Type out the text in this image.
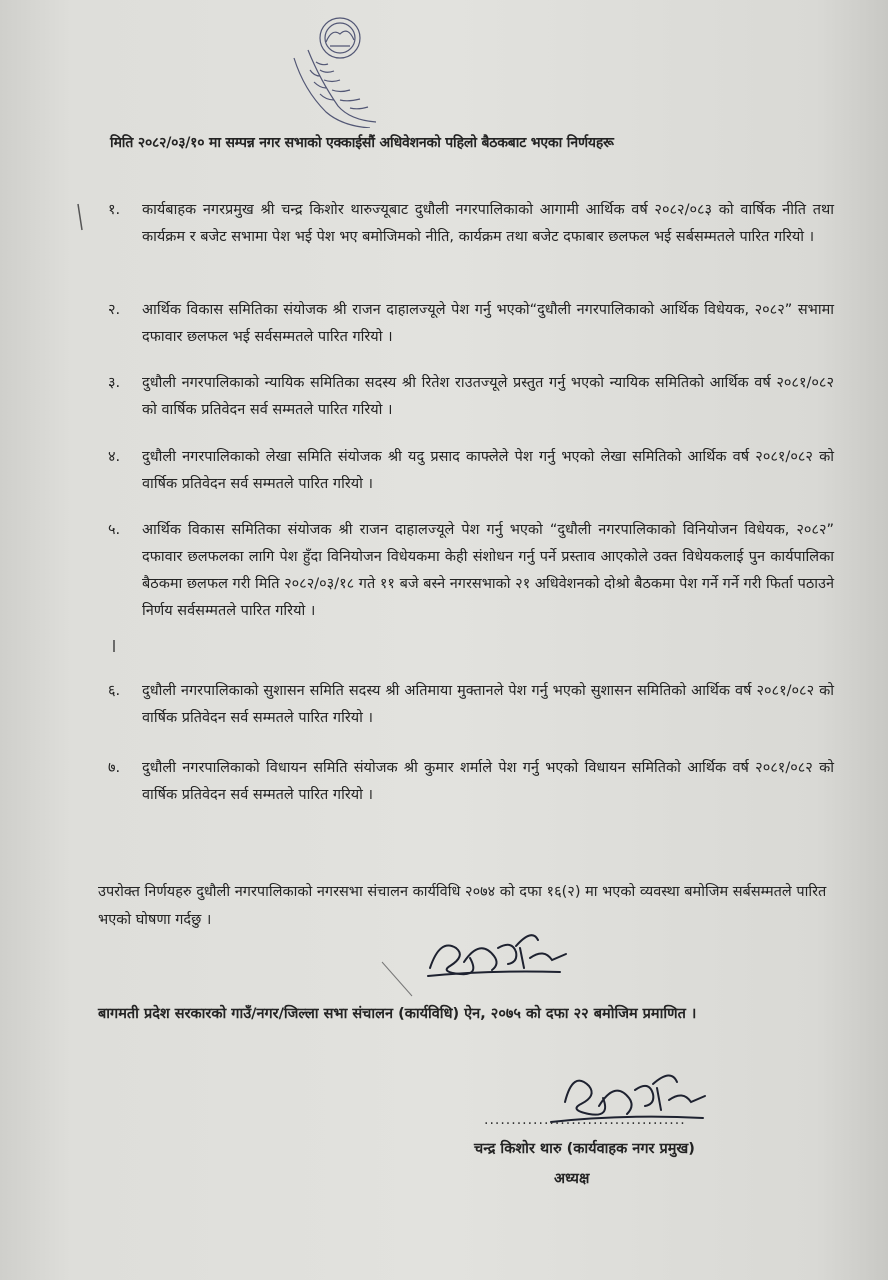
मिति २०८२/०३/१० मा सम्पन्न नगर सभाको एक्काईसौं अधिवेशनको पहिलो बैठकबाट भएका निर्णयहरू
१.	कार्यबाहक नगरप्रमुख श्री चन्द्र किशोर थारुज्यूबाट दुधौली नगरपालिकाको आगामी आर्थिक वर्ष २०८२/०८३ को वार्षिक नीति तथा कार्यक्रम र बजेट सभामा पेश भई पेश भए बमोजिमको नीति, कार्यक्रम तथा बजेट दफाबार छलफल भई सर्बसम्मतले पारित गरियो ।
२.	आर्थिक विकास समितिका संयोजक श्री राजन दाहालज्यूले पेश गर्नु भएको“दुधौली नगरपालिकाको आर्थिक विधेयक, २०८२” सभामा दफावार छलफल भई सर्वसम्मतले पारित गरियो ।
३.	दुधौली नगरपालिकाको न्यायिक समितिका सदस्य श्री रितेश राउतज्यूले प्रस्तुत गर्नु भएको न्यायिक समितिको आर्थिक वर्ष २०८१/०८२ को वार्षिक प्रतिवेदन सर्व सम्मतले पारित गरियो ।
४.	दुधौली नगरपालिकाको लेखा समिति संयोजक श्री यदु प्रसाद काफ्लेले पेश गर्नु भएको लेखा समितिको आर्थिक वर्ष २०८१/०८२ को वार्षिक प्रतिवेदन सर्व सम्मतले पारित गरियो ।
५.	आर्थिक विकास समितिका संयोजक श्री राजन दाहालज्यूले पेश गर्नु भएको “दुधौली नगरपालिकाको विनियोजन विधेयक, २०८२” दफावार छलफलका लागि पेश हुँदा विनियोजन विधेयकमा केही संशोधन गर्नु पर्ने प्रस्ताव आएकोले उक्त विधेयकलाई पुन कार्यपालिका बैठकमा छलफल गरी मिति २०८२/०३/१८ गते ११ बजे बस्ने नगरसभाको २१ अधिवेशनको दोश्रो बैठकमा पेश गर्ने गर्ने गरी फिर्ता पठाउने निर्णय सर्वसम्मतले पारित गरियो ।
६.	दुधौली नगरपालिकाको सुशासन समिति सदस्य श्री अतिमाया मुक्तानले पेश गर्नु भएको सुशासन समितिको आर्थिक वर्ष २०८१/०८२ को वार्षिक प्रतिवेदन सर्व सम्मतले पारित गरियो ।
७.	दुधौली नगरपालिकाको विधायन समिति संयोजक श्री कुमार शर्माले पेश गर्नु भएको विधायन समितिको आर्थिक वर्ष २०८१/०८२ को वार्षिक प्रतिवेदन सर्व सम्मतले पारित गरियो ।
उपरोक्त निर्णयहरु दुधौली नगरपालिकाको नगरसभा संचालन कार्यविधि २०७४ को दफा १६(२) मा भएको व्यवस्था बमोजिम सर्बसम्मतले पारित भएको घोषणा गर्दछु ।
बागमती प्रदेश सरकारको गाउँ/नगर/जिल्ला सभा संचालन (कार्यविधि) ऐन, २०७५ को दफा २२ बमोजिम प्रमाणित ।
.....................................
चन्द्र किशोर थारु (कार्यवाहक नगर प्रमुख)
अध्यक्ष
